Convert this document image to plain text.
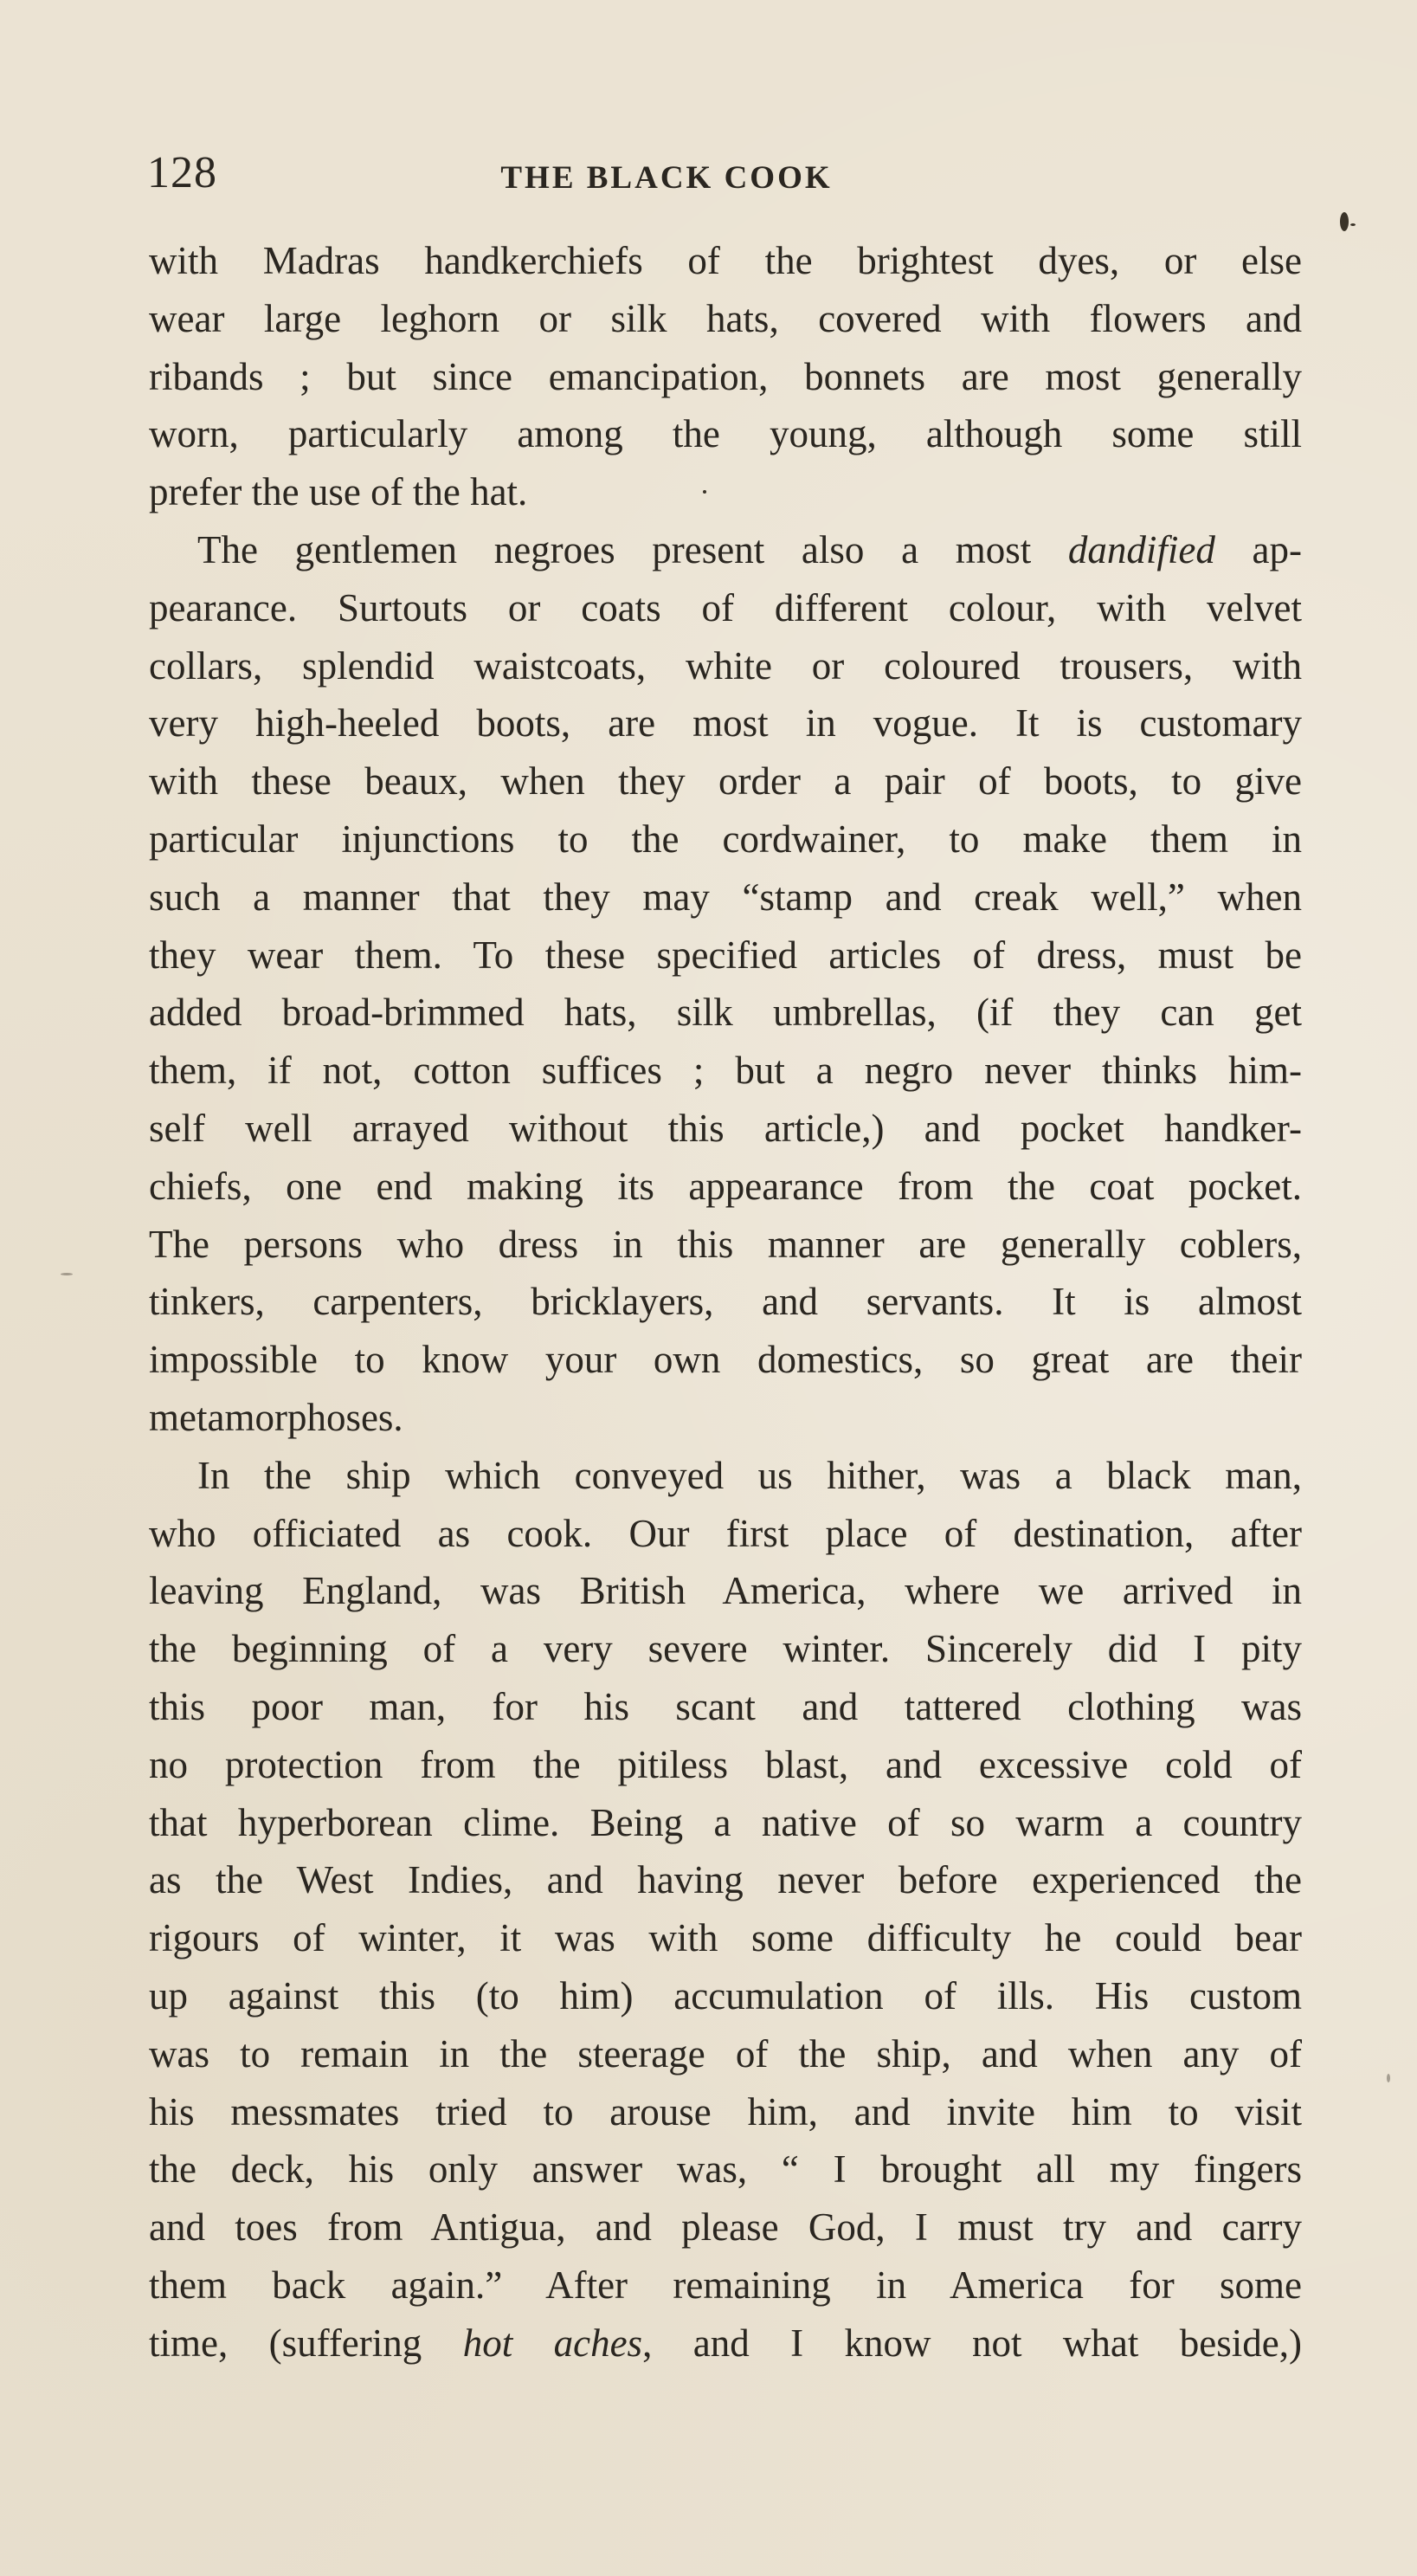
128	THE BLACK COOK
with Madras handkerchiefs of the brightest dyes, or else
wear large leghorn or silk hats, covered with flowers and
ribands ; but since emancipation, bonnets are most generally
worn, particularly among the young, although some still
prefer the use of the hat.
The gentlemen negroes present also a most dandified ap-
pearance. Surtouts or coats of different colour, with velvet
collars, splendid waistcoats, white or coloured trousers, with
very high-heeled boots, are most in vogue. It is customary
with these beaux, when they order a pair of boots, to give
particular injunctions to the cordwainer, to make them in
such a manner that they may “stamp and creak well,” when
they wear them. To these specified articles of dress, must be
added broad-brimmed hats, silk umbrellas, (if they can get
them, if not, cotton suffices ; but a negro never thinks him-
self well arrayed without this article,) and pocket handker-
chiefs, one end making its appearance from the coat pocket.
The persons who dress in this manner are generally coblers,
tinkers, carpenters, bricklayers, and servants. It is almost
impossible to know your own domestics, so great are their
metamorphoses.
In the ship which conveyed us hither, was a black man,
who officiated as cook. Our first place of destination, after
leaving England, was British America, where we arrived in
the beginning of a very severe winter. Sincerely did I pity
this poor man, for his scant and tattered clothing was
no protection from the pitiless blast, and excessive cold of
that hyperborean clime. Being a native of so warm a country
as the West Indies, and having never before experienced the
rigours of winter, it was with some difficulty he could bear
up against this (to him) accumulation of ills. His custom
was to remain in the steerage of the ship, and when any of
his messmates tried to arouse him, and invite him to visit
the deck, his only answer was, “ I brought all my fingers
and toes from Antigua, and please God, I must try and carry
them back again.” After remaining in America for some
time, (suffering hot aches, and I know not what beside,)
